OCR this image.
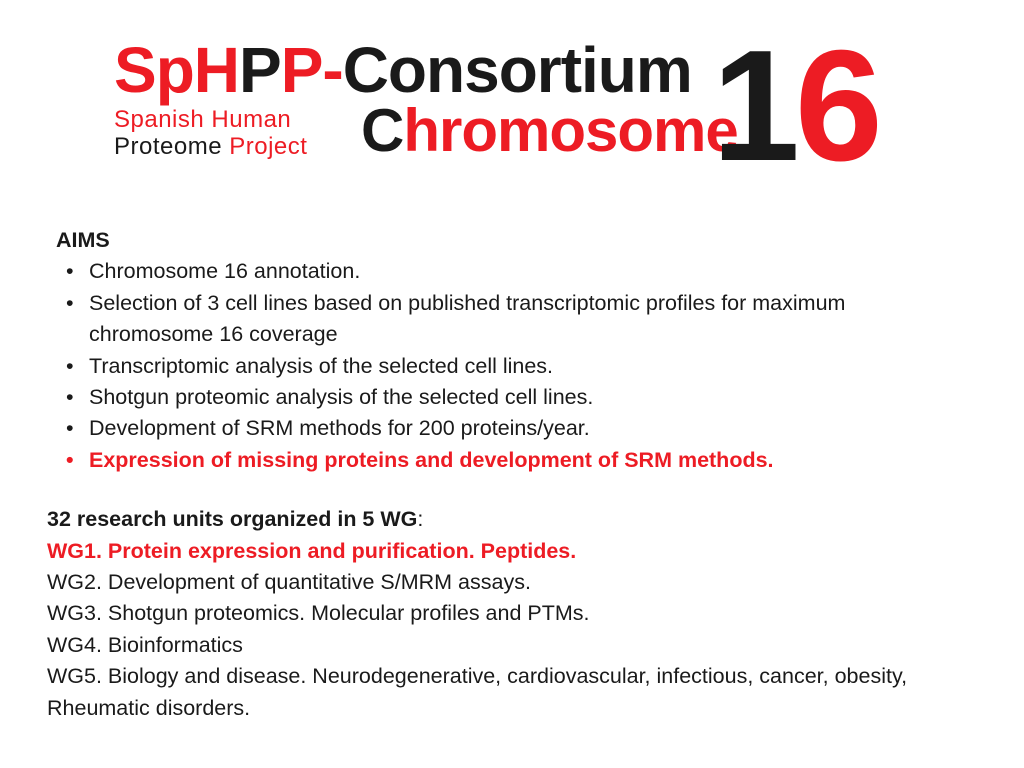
SpHPP-Consortium
Chromosome
Spanish Human
Proteome Project	16
AIMS
• Chromosome 16 annotation.
• Selection of 3 cell lines based on published transcriptomic profiles for maximum
chromosome 16 coverage
• Transcriptomic analysis of the selected cell lines.
• Shotgun proteomic analysis of the selected cell lines.
• Development of SRM methods for 200 proteins/year.
• Expression of missing proteins and development of SRM methods.

32 research units organized in 5 WG:

WG1. Protein expression and purification. Peptides.

WG2. Development of quantitative S/MRM assays.

WG3. Shotgun proteomics. Molecular profiles and PTMs.

WG4. Bioinformatics

WG5. Biology and disease. Neurodegenerative, cardiovascular, infectious, cancer, obesity,
Rheumatic disorders.
